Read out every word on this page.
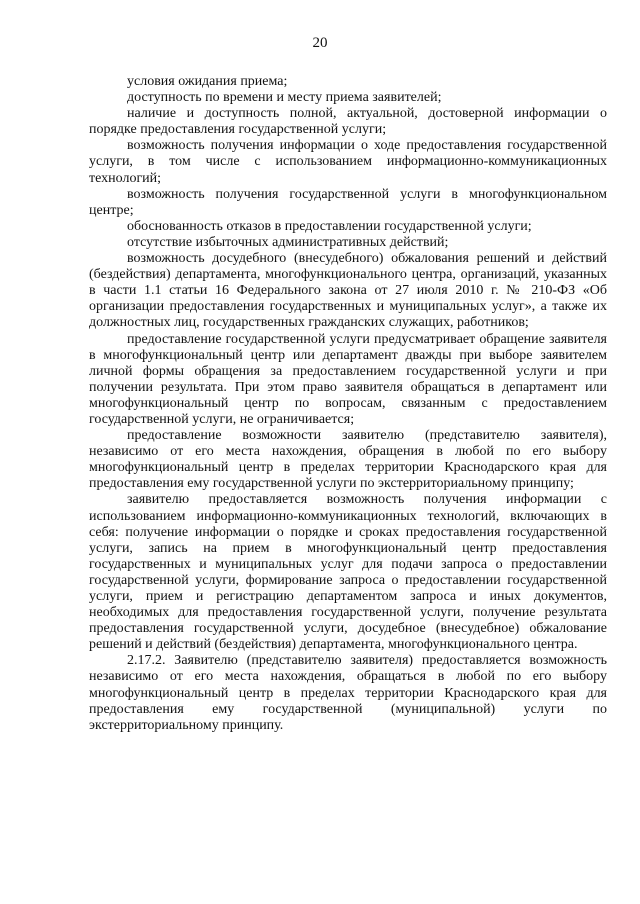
20

условия ожидания приема;

доступность по времени и месту приема заявителей;

наличие и доступность полной, актуальной, достоверной информации о порядке предоставления государственной услуги;

возможность получения информации о ходе предоставления государственной услуги, в том числе с использованием информационно-коммуникационных технологий;

возможность получения государственной услуги в многофункциональном центре;

обоснованность отказов в предоставлении государственной услуги;

отсутствие избыточных административных действий;

возможность досудебного (внесудебного) обжалования решений и действий (бездействия) департамента, многофункционального центра, организаций, указанных в части 1.1 статьи 16 Федерального закона от 27 июля 2010 г. № 210-ФЗ «Об организации предоставления государственных и муниципальных услуг», а также их должностных лиц, государственных гражданских служащих, работников;

предоставление государственной услуги предусматривает обращение заявителя в многофункциональный центр или департамент дважды при выборе заявителем личной формы обращения за предоставлением государственной услуги и при получении результата. При этом право заявителя обращаться в департамент или многофункциональный центр по вопросам, связанным с предоставлением государственной услуги, не ограничивается;

предоставление возможности заявителю (представителю заявителя), независимо от его места нахождения, обращения в любой по его выбору многофункциональный центр в пределах территории Краснодарского края для предоставления ему государственной услуги по экстерриториальному принципу;

заявителю предоставляется возможность получения информации с использованием информационно-коммуникационных технологий, включающих в себя: получение информации о порядке и сроках предоставления государственной услуги, запись на прием в многофункциональный центр предоставления государственных и муниципальных услуг для подачи запроса о предоставлении государственной услуги, формирование запроса о предоставлении государственной услуги, прием и регистрацию департаментом запроса и иных документов, необходимых для предоставления государственной услуги, получение результата предоставления государственной услуги, досудебное (внесудебное) обжалование решений и действий (бездействия) департамента, многофункционального центра.

2.17.2. Заявителю (представителю заявителя) предоставляется возможность независимо от его места нахождения, обращаться в любой по его выбору многофункциональный центр в пределах территории Краснодарского края для предоставления ему государственной (муниципальной) услуги по экстерриториальному принципу.
